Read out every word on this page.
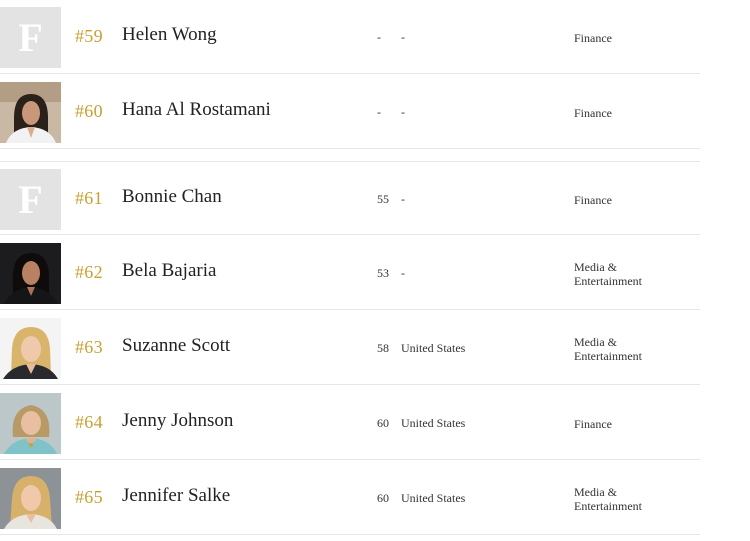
F #59 Helen Wong	-	-	Finance
#60 Hana Al Rostamani	-	-	Finance
F #61 Bonnie Chan	55	-	Finance
#62 Bela Bajaria	53	-	Media &
Entertainment
#63 Suzanne Scott	58	United States	Media &
Entertainment
#64 Jenny Johnson	60	United States	Finance
#65 Jennifer Salke	60	United States	Media &
Entertainment
